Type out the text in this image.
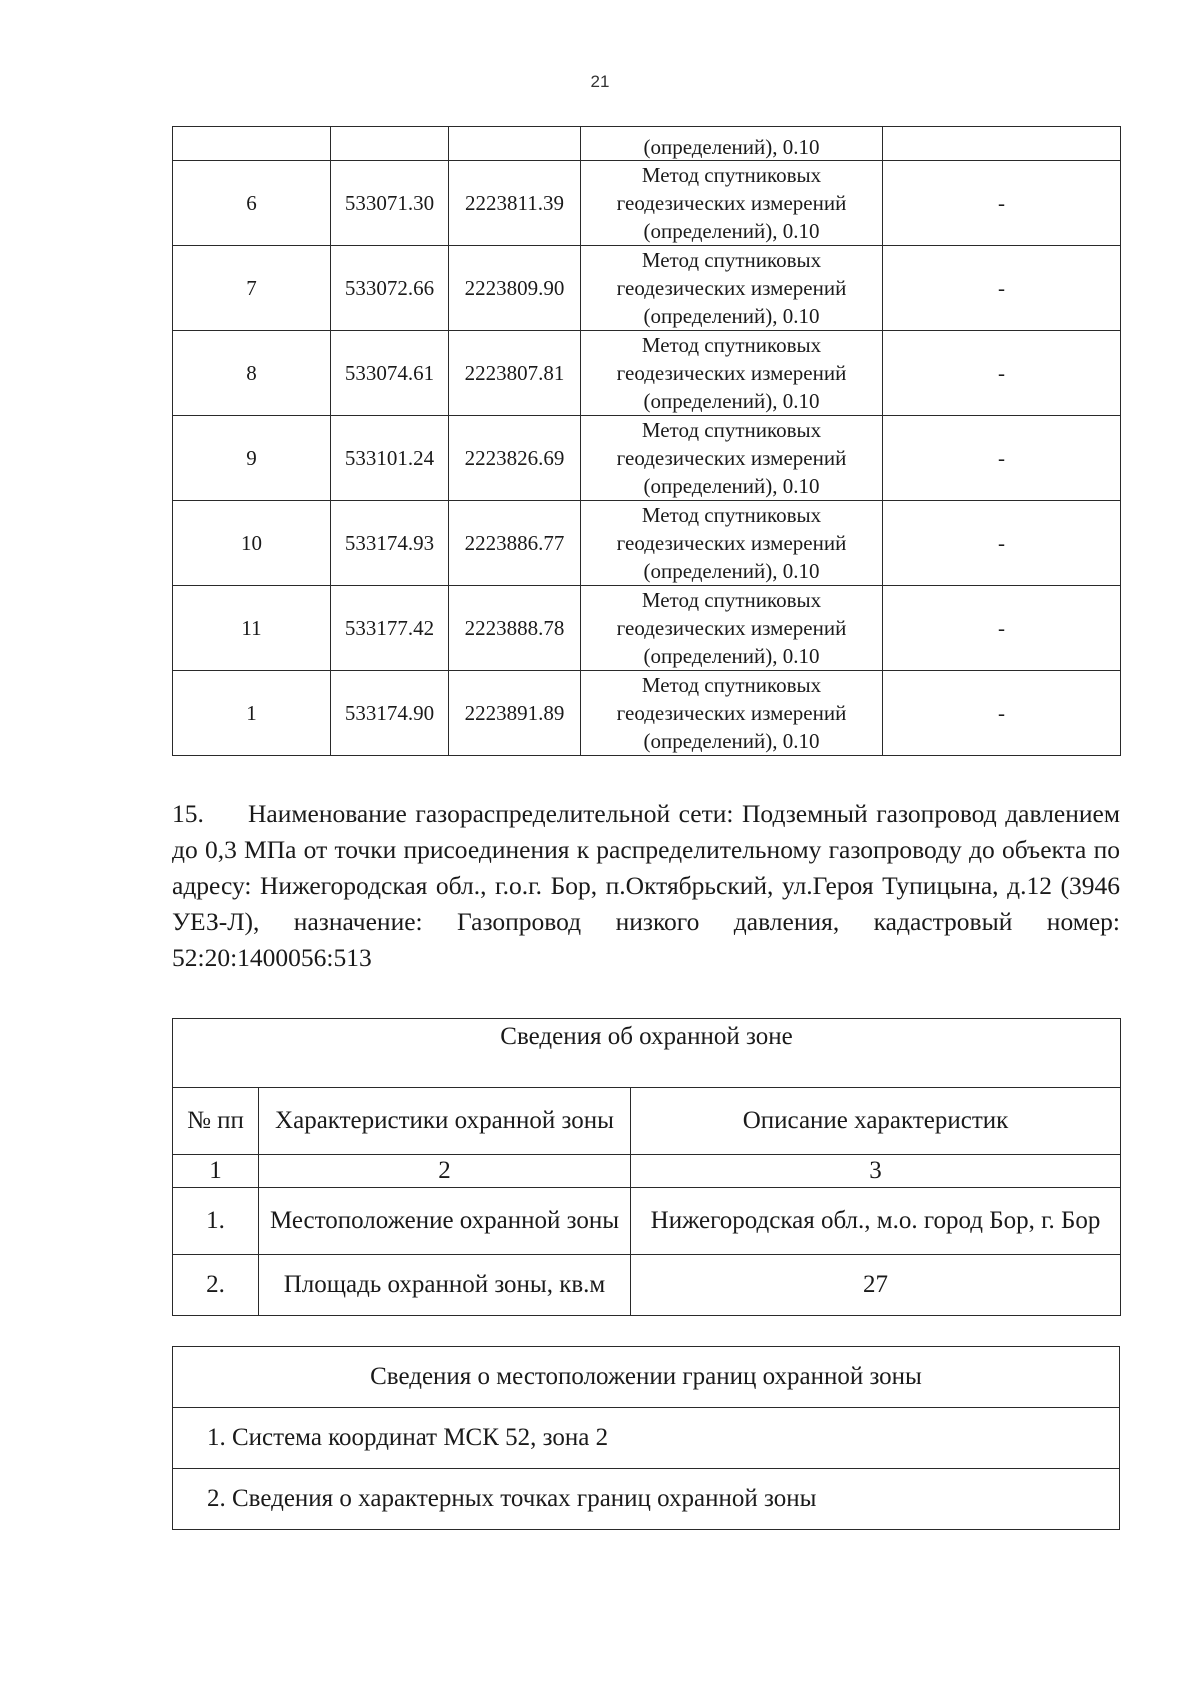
21
			(определений), 0.10	
6	533071.30	2223811.39	Метод спутниковых
геодезических измерений
(определений), 0.10	-
7	533072.66	2223809.90	Метод спутниковых
геодезических измерений
(определений), 0.10	-
8	533074.61	2223807.81	Метод спутниковых
геодезических измерений
(определений), 0.10	-
9	533101.24	2223826.69	Метод спутниковых
геодезических измерений
(определений), 0.10	-
10	533174.93	2223886.77	Метод спутниковых
геодезических измерений
(определений), 0.10	-
11	533177.42	2223888.78	Метод спутниковых
геодезических измерений
(определений), 0.10	-
1	533174.90	2223891.89	Метод спутниковых
геодезических измерений
(определений), 0.10	-

15. Наименование газораспределительной сети: Подземный газопровод давлением до 0,3 МПа от точки присоединения к распределительному газопроводу до объекта по адресу: Нижегородская обл., г.о.г. Бор, п.Октябрьский, ул.Героя Тупицына, д.12 (3946 УЕЗ-Л), назначение: Газопровод низкого давления, кадастровый номер: 52:20:1400056:513

Сведения об охранной зоне		
№ пп	Характеристики охранной зоны	Описание характеристик
1	2	3
1.	Местоположение охранной зоны	Нижегородская обл., м.о. город Бор, г. Бор
2.	Площадь охранной зоны, кв.м	27
Сведения о местоположении границ охранной зоны
1. Система координат МСК 52, зона 2
2. Сведения о характерных точках границ охранной зоны
